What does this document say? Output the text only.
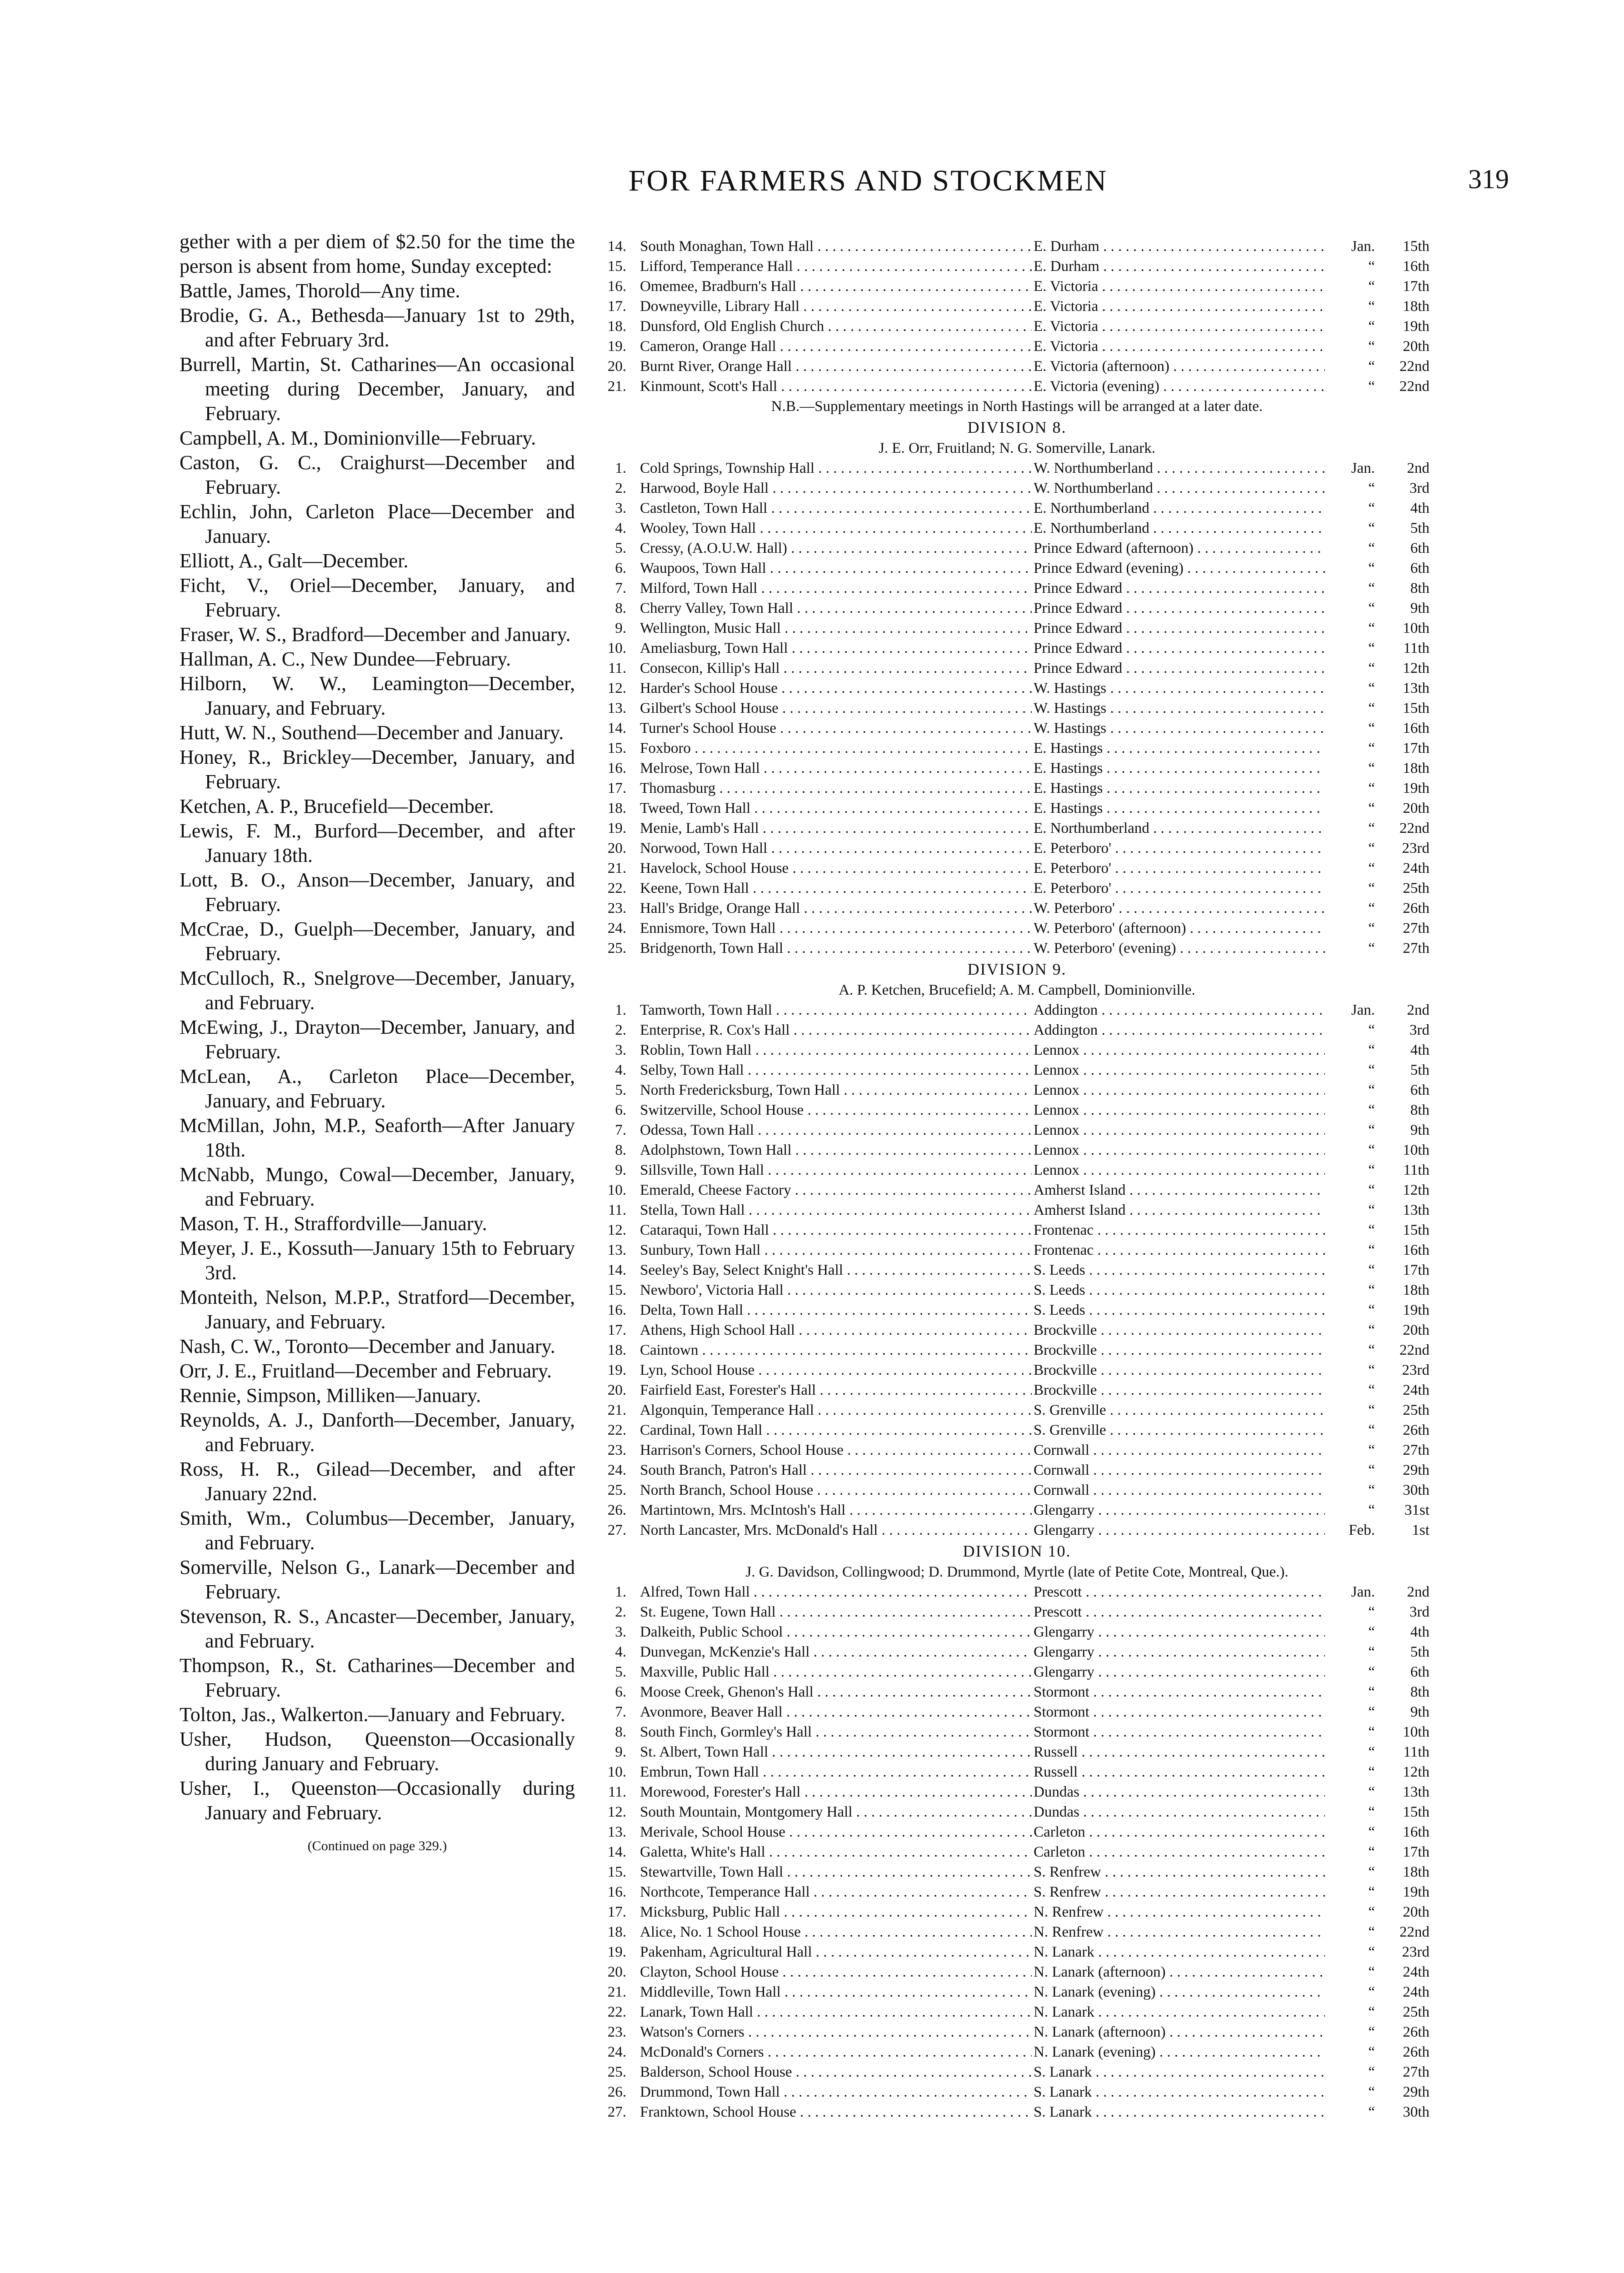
FOR FARMERS AND STOCKMEN	319
gether with a per diem of $2.50 for the time the person is absent from home, Sunday excepted:
Battle, James, Thorold—Any time.
Brodie, G. A., Bethesda—January 1st to 29th, and after February 3rd.
Burrell, Martin, St. Catharines—An occasional meeting during December, January, and February.
Campbell, A. M., Dominionville—February.
Caston, G. C., Craighurst—December and February.
Echlin, John, Carleton Place—December and January.
Elliott, A., Galt—December.
Ficht, V., Oriel—December, January, and February.
Fraser, W. S., Bradford—December and January.
Hallman, A. C., New Dundee—February.
Hilborn, W. W., Leamington—December, January, and February.
Hutt, W. N., Southend—December and January.
Honey, R., Brickley—December, January, and February.
Ketchen, A. P., Brucefield—December.
Lewis, F. M., Burford—December, and after January 18th.
Lott, B. O., Anson—December, January, and February.
McCrae, D., Guelph—December, January, and February.
McCulloch, R., Snelgrove—December, January, and February.
McEwing, J., Drayton—December, January, and February.
McLean, A., Carleton Place—December, January, and February.
McMillan, John, M.P., Seaforth—After January 18th.
McNabb, Mungo, Cowal—December, January, and February.
Mason, T. H., Straffordville—January.
Meyer, J. E., Kossuth—January 15th to February 3rd.
Monteith, Nelson, M.P.P., Stratford—December, January, and February.
Nash, C. W., Toronto—December and January.
Orr, J. E., Fruitland—December and February.
Rennie, Simpson, Milliken—January.
Reynolds, A. J., Danforth—December, January, and February.
Ross, H. R., Gilead—December, and after January 22nd.
Smith, Wm., Columbus—December, January, and February.
Somerville, Nelson G., Lanark—December and February.
Stevenson, R. S., Ancaster—December, January, and February.
Thompson, R., St. Catharines—December and February.
Tolton, Jas., Walkerton.—January and February.
Usher, Hudson, Queenston—Occasionally during January and February.
Usher, I., Queenston—Occasionally during January and February.
(Continued on page 329.)
14. South Monaghan, Town Hall . . .	E. Durham . . .	Jan.	15th
15. Lifford, Temperance Hall . . .	E. Durham . . .	“	16th
16. Omemee, Bradburn's Hall . . .	E. Victoria . . .	“	17th
17. Downeyville, Library Hall . . .	E. Victoria . . .	“	18th
18. Dunsford, Old English Church . . .	E. Victoria . . .	“	19th
19. Cameron, Orange Hall . . .	E. Victoria . . .	“	20th
20. Burnt River, Orange Hall . . .	E. Victoria (afternoon) . . .	“	22nd
21. Kinmount, Scott's Hall . . .	E. Victoria (evening) . . .	“	22nd
N.B.—Supplementary meetings in North Hastings will be arranged at a later date.
DIVISION 8.
J. E. Orr, Fruitland; N. G. Somerville, Lanark.
1. Cold Springs, Township Hall . . .	W. Northumberland . . .	Jan.	2nd
2. Harwood, Boyle Hall . . .	W. Northumberland . . .	“	3rd
3. Castleton, Town Hall . . .	E. Northumberland . . .	“	4th
4. Wooley, Town Hall . . .	E. Northumberland . . .	“	5th
5. Cressy, (A.O.U.W. Hall) . . .	Prince Edward (afternoon) . . .	“	6th
6. Waupoos, Town Hall . . .	Prince Edward (evening) . . .	“	6th
7. Milford, Town Hall . . .	Prince Edward . . .	“	8th
8. Cherry Valley, Town Hall . . .	Prince Edward . . .	“	9th
9. Wellington, Music Hall . . .	Prince Edward . . .	“	10th
10. Ameliasburg, Town Hall . . .	Prince Edward . . .	“	11th
11. Consecon, Killip's Hall . . .	Prince Edward . . .	“	12th
12. Harder's School House . . .	W. Hastings . . .	“	13th
13. Gilbert's School House . . .	W. Hastings . . .	“	15th
14. Turner's School House . . .	W. Hastings . . .	“	16th
15. Foxboro . . .	E. Hastings . . .	“	17th
16. Melrose, Town Hall . . .	E. Hastings . . .	“	18th
17. Thomasburg . . .	E. Hastings . . .	“	19th
18. Tweed, Town Hall . . .	E. Hastings . . .	“	20th
19. Menie, Lamb's Hall . . .	E. Northumberland . . .	“	22nd
20. Norwood, Town Hall . . .	E. Peterboro' . . .	“	23rd
21. Havelock, School House . . .	E. Peterboro' . . .	“	24th
22. Keene, Town Hall . . .	E. Peterboro' . . .	“	25th
23. Hall's Bridge, Orange Hall . . .	W. Peterboro' . . .	“	26th
24. Ennismore, Town Hall . . .	W. Peterboro' (afternoon) . . .	“	27th
25. Bridgenorth, Town Hall . . .	W. Peterboro' (evening) . . .	“	27th
DIVISION 9.
A. P. Ketchen, Brucefield; A. M. Campbell, Dominionville.
1. Tamworth, Town Hall . . .	Addington . . .	Jan.	2nd
2. Enterprise, R. Cox's Hall . . .	Addington . . .	“	3rd
3. Roblin, Town Hall . . .	Lennox . . .	“	4th
4. Selby, Town Hall . . .	Lennox . . .	“	5th
5. North Fredericksburg, Town Hall . . .	Lennox . . .	“	6th
6. Switzerville, School House . . .	Lennox . . .	“	8th
7. Odessa, Town Hall . . .	Lennox . . .	“	9th
8. Adolphstown, Town Hall . . .	Lennox . . .	“	10th
9. Sillsville, Town Hall . . .	Lennox . . .	“	11th
10. Emerald, Cheese Factory . . .	Amherst Island . . .	“	12th
11. Stella, Town Hall . . .	Amherst Island . . .	“	13th
12. Cataraqui, Town Hall . . .	Frontenac . . .	“	15th
13. Sunbury, Town Hall . . .	Frontenac . . .	“	16th
14. Seeley's Bay, Select Knight's Hall . . .	S. Leeds . . .	“	17th
15. Newboro', Victoria Hall . . .	S. Leeds . . .	“	18th
16. Delta, Town Hall . . .	S. Leeds . . .	“	19th
17. Athens, High School Hall . . .	Brockville . . .	“	20th
18. Caintown . . .	Brockville . . .	“	22nd
19. Lyn, School House . . .	Brockville . . .	“	23rd
20. Fairfield East, Forester's Hall . . .	Brockville . . .	“	24th
21. Algonquin, Temperance Hall . . .	S. Grenville . . .	“	25th
22. Cardinal, Town Hall . . .	S. Grenville . . .	“	26th
23. Harrison's Corners, School House . . .	Cornwall . . .	“	27th
24. South Branch, Patron's Hall . . .	Cornwall . . .	“	29th
25. North Branch, School House . . .	Cornwall . . .	“	30th
26. Martintown, Mrs. McIntosh's Hall . . .	Glengarry . . .	“	31st
27. North Lancaster, Mrs. McDonald's Hall . . .	Glengarry . . .	Feb.	1st
DIVISION 10.
J. G. Davidson, Collingwood; D. Drummond, Myrtle (late of Petite Cote, Montreal, Que.).
1. Alfred, Town Hall . . .	Prescott . . .	Jan.	2nd
2. St. Eugene, Town Hall . . .	Prescott . . .	“	3rd
3. Dalkeith, Public School . . .	Glengarry . . .	“	4th
4. Dunvegan, McKenzie's Hall . . .	Glengarry . . .	“	5th
5. Maxville, Public Hall . . .	Glengarry . . .	“	6th
6. Moose Creek, Ghenon's Hall . . .	Stormont . . .	“	8th
7. Avonmore, Beaver Hall . . .	Stormont . . .	“	9th
8. South Finch, Gormley's Hall . . .	Stormont . . .	“	10th
9. St. Albert, Town Hall . . .	Russell . . .	“	11th
10. Embrun, Town Hall . . .	Russell . . .	“	12th
11. Morewood, Forester's Hall . . .	Dundas . . .	“	13th
12. South Mountain, Montgomery Hall . . .	Dundas . . .	“	15th
13. Merivale, School House . . .	Carleton . . .	“	16th
14. Galetta, White's Hall . . .	Carleton . . .	“	17th
15. Stewartville, Town Hall . . .	S. Renfrew . . .	“	18th
16. Northcote, Temperance Hall . . .	S. Renfrew . . .	“	19th
17. Micksburg, Public Hall . . .	N. Renfrew . . .	“	20th
18. Alice, No. 1 School House . . .	N. Renfrew . . .	“	22nd
19. Pakenham, Agricultural Hall . . .	N. Lanark . . .	“	23rd
20. Clayton, School House . . .	N. Lanark (afternoon) . . .	“	24th
21. Middleville, Town Hall . . .	N. Lanark (evening) . . .	“	24th
22. Lanark, Town Hall . . .	N. Lanark . . .	“	25th
23. Watson's Corners . . .	N. Lanark (afternoon) . . .	“	26th
24. McDonald's Corners . . .	N. Lanark (evening) . . .	“	26th
25. Balderson, School House . . .	S. Lanark . . .	“	27th
26. Drummond, Town Hall . . .	S. Lanark . . .	“	29th
27. Franktown, School House . . .	S. Lanark . . .	“	30th
